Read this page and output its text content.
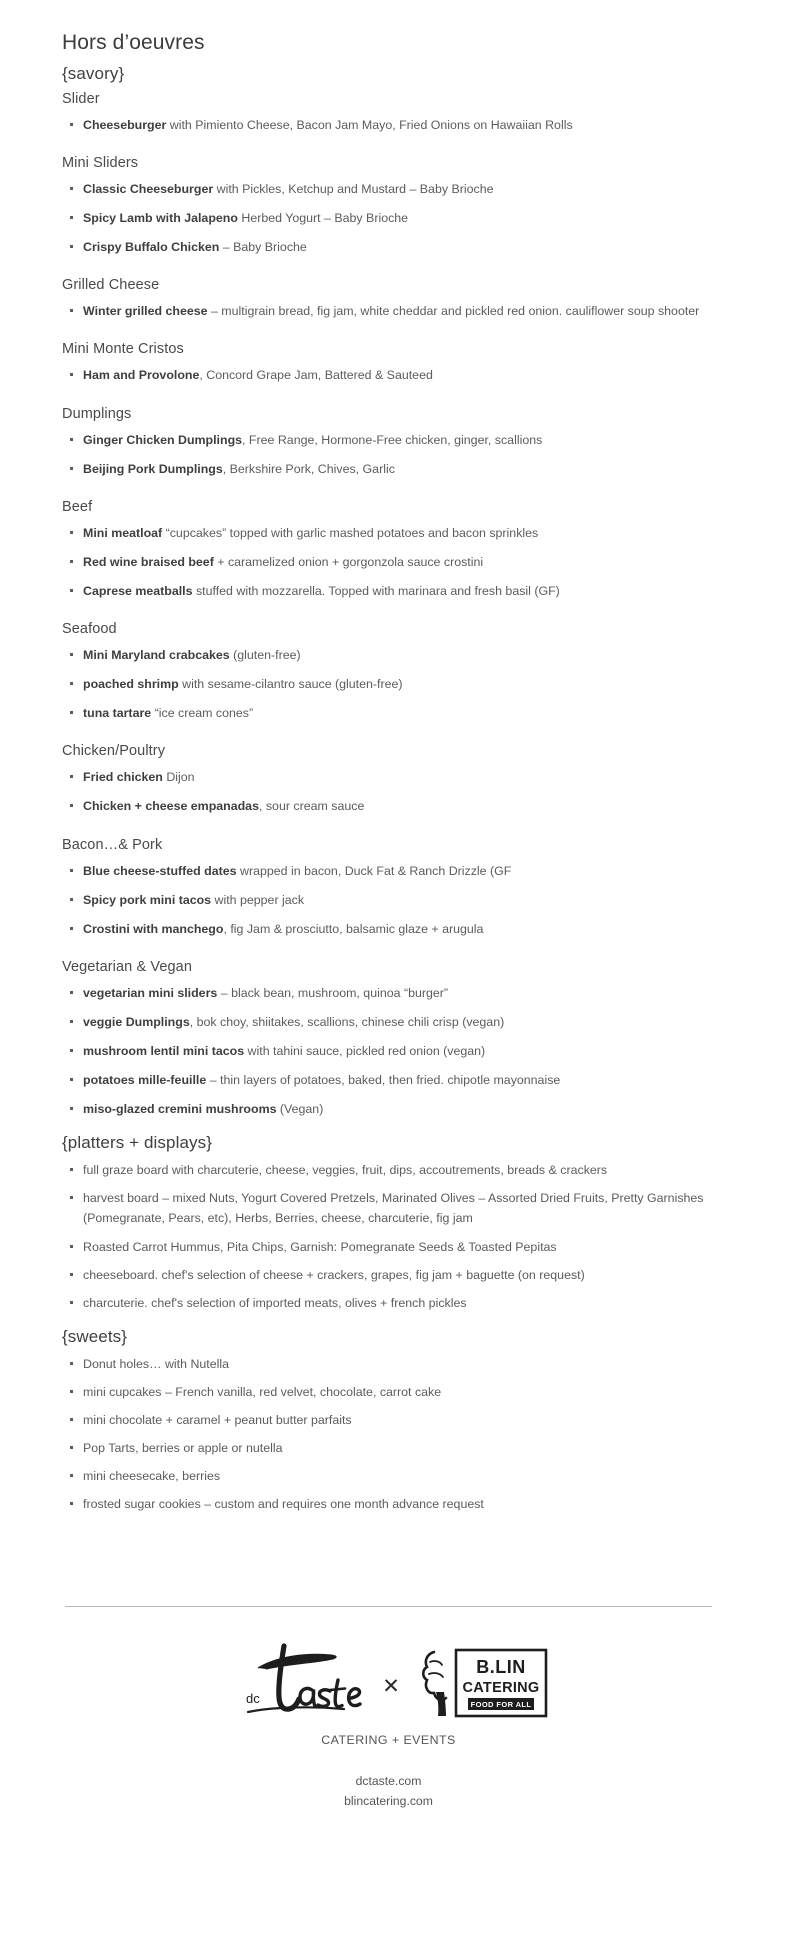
Hors d’oeuvres
{savory}
Slider
Cheeseburger with Pimiento Cheese, Bacon Jam Mayo, Fried Onions on Hawaiian Rolls
Mini Sliders
Classic Cheeseburger with Pickles, Ketchup and Mustard – Baby Brioche
Spicy Lamb with Jalapeno Herbed Yogurt – Baby Brioche
Crispy Buffalo Chicken – Baby Brioche
Grilled Cheese
Winter grilled cheese – multigrain bread, fig jam, white cheddar and pickled red onion. cauliflower soup shooter
Mini Monte Cristos
Ham and Provolone, Concord Grape Jam, Battered & Sauteed
Dumplings
Ginger Chicken Dumplings, Free Range, Hormone-Free chicken, ginger, scallions
Beijing Pork Dumplings, Berkshire Pork, Chives, Garlic
Beef
Mini meatloaf “cupcakes” topped with garlic mashed potatoes and bacon sprinkles
Red wine braised beef + caramelized onion + gorgonzola sauce crostini
Caprese meatballs stuffed with mozzarella. Topped with marinara and fresh basil (GF)
Seafood
Mini Maryland crabcakes (gluten-free)
poached shrimp with sesame-cilantro sauce (gluten-free)
tuna tartare “ice cream cones”
Chicken/Poultry
Fried chicken Dijon
Chicken + cheese empanadas, sour cream sauce
Bacon…& Pork
Blue cheese-stuffed dates wrapped in bacon, Duck Fat & Ranch Drizzle (GF
Spicy pork mini tacos with pepper jack
Crostini with manchego, fig Jam & prosciutto, balsamic glaze + arugula
Vegetarian & Vegan
vegetarian mini sliders – black bean, mushroom, quinoa “burger”
veggie Dumplings, bok choy, shiitakes, scallions, chinese chili crisp (vegan)
mushroom lentil mini tacos with tahini sauce, pickled red onion (vegan)
potatoes mille-feuille – thin layers of potatoes, baked, then fried. chipotle mayonnaise
miso-glazed cremini mushrooms (Vegan)
{platters + displays}
full graze board with charcuterie, cheese, veggies, fruit, dips, accoutrements, breads & crackers
harvest board – mixed Nuts, Yogurt Covered Pretzels, Marinated Olives – Assorted Dried Fruits, Pretty Garnishes (Pomegranate, Pears, etc), Herbs, Berries, cheese, charcuterie, fig jam
Roasted Carrot Hummus, Pita Chips, Garnish: Pomegranate Seeds & Toasted Pepitas
cheeseboard. chef's selection of cheese + crackers, grapes, fig jam + baguette (on request)
charcuterie. chef's selection of imported meats, olives + french pickles
{sweets}
Donut holes… with Nutella
mini cupcakes – French vanilla, red velvet, chocolate, carrot cake
mini chocolate + caramel + peanut butter parfaits
Pop Tarts, berries or apple or nutella
mini cheesecake, berries
frosted sugar cookies – custom and requires one month advance request
dc
✕
B.LIN
CATERING
FOOD FOR ALL
CATERING + EVENTS
dctaste.com
blincatering.com
